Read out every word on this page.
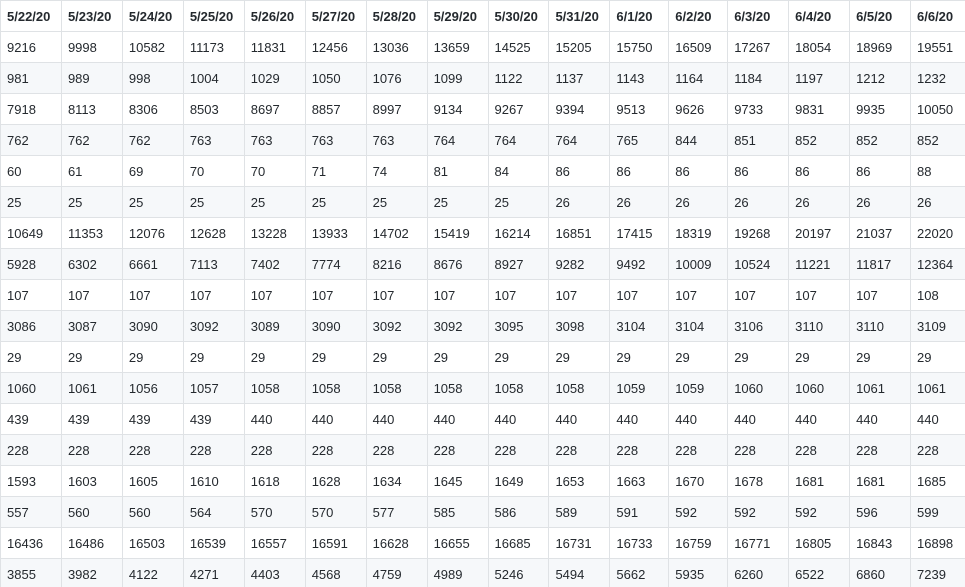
5/22/20	5/23/20	5/24/20	5/25/20	5/26/20	5/27/20	5/28/20	5/29/20	5/30/20	5/31/20	6/1/20	6/2/20	6/3/20	6/4/20	6/5/20	6/6/20
9216	9998	10582	11173	11831	12456	13036	13659	14525	15205	15750	16509	17267	18054	18969	19551
981	989	998	1004	1029	1050	1076	1099	1122	1137	1143	1164	1184	1197	1212	1232
7918	8113	8306	8503	8697	8857	8997	9134	9267	9394	9513	9626	9733	9831	9935	10050
762	762	762	763	763	763	763	764	764	764	765	844	851	852	852	852
60	61	69	70	70	71	74	81	84	86	86	86	86	86	86	88
25	25	25	25	25	25	25	25	25	26	26	26	26	26	26	26
10649	11353	12076	12628	13228	13933	14702	15419	16214	16851	17415	18319	19268	20197	21037	22020
5928	6302	6661	7113	7402	7774	8216	8676	8927	9282	9492	10009	10524	11221	11817	12364
107	107	107	107	107	107	107	107	107	107	107	107	107	107	107	108
3086	3087	3090	3092	3089	3090	3092	3092	3095	3098	3104	3104	3106	3110	3110	3109
29	29	29	29	29	29	29	29	29	29	29	29	29	29	29	29
1060	1061	1056	1057	1058	1058	1058	1058	1058	1058	1059	1059	1060	1060	1061	1061
439	439	439	439	440	440	440	440	440	440	440	440	440	440	440	440
228	228	228	228	228	228	228	228	228	228	228	228	228	228	228	228
1593	1603	1605	1610	1618	1628	1634	1645	1649	1653	1663	1670	1678	1681	1681	1685
557	560	560	564	570	570	577	585	586	589	591	592	592	592	596	599
16436	16486	16503	16539	16557	16591	16628	16655	16685	16731	16733	16759	16771	16805	16843	16898
3855	3982	4122	4271	4403	4568	4759	4989	5246	5494	5662	5935	6260	6522	6860	7239
